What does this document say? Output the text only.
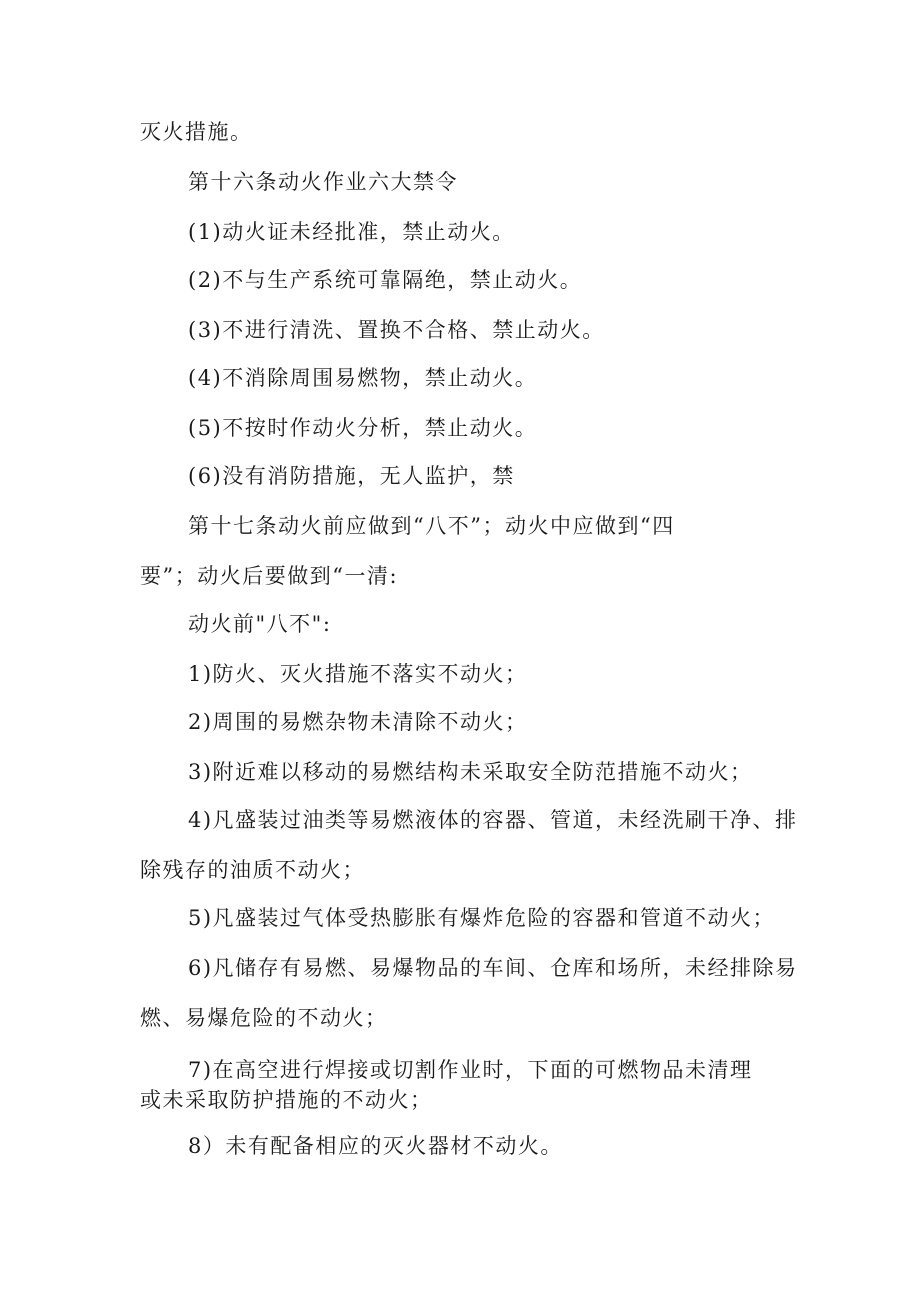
灭火措施。
第十六条动火作业六大禁令
(1)动火证未经批准，禁止动火。
(2)不与生产系统可靠隔绝，禁止动火。
(3)不进行清洗、置换不合格、禁止动火。
(4)不消除周围易燃物，禁止动火。
(5)不按时作动火分析，禁止动火。
(6)没有消防措施，无人监护，禁
第十七条动火前应做到“八不”；动火中应做到“四
要”；动火后要做到“一清:
动火前"八不":
1)防火、灭火措施不落实不动火；
2)周围的易燃杂物未清除不动火；
3)附近难以移动的易燃结构未采取安全防范措施不动火；
4)凡盛装过油类等易燃液体的容器、管道，未经洗刷干净、排
除残存的油质不动火；
5)凡盛装过气体受热膨胀有爆炸危险的容器和管道不动火；
6)凡储存有易燃、易爆物品的车间、仓库和场所，未经排除易
燃、易爆危险的不动火；
7)在高空进行焊接或切割作业时，下面的可燃物品未清理
或未采取防护措施的不动火；
8）未有配备相应的灭火器材不动火。
